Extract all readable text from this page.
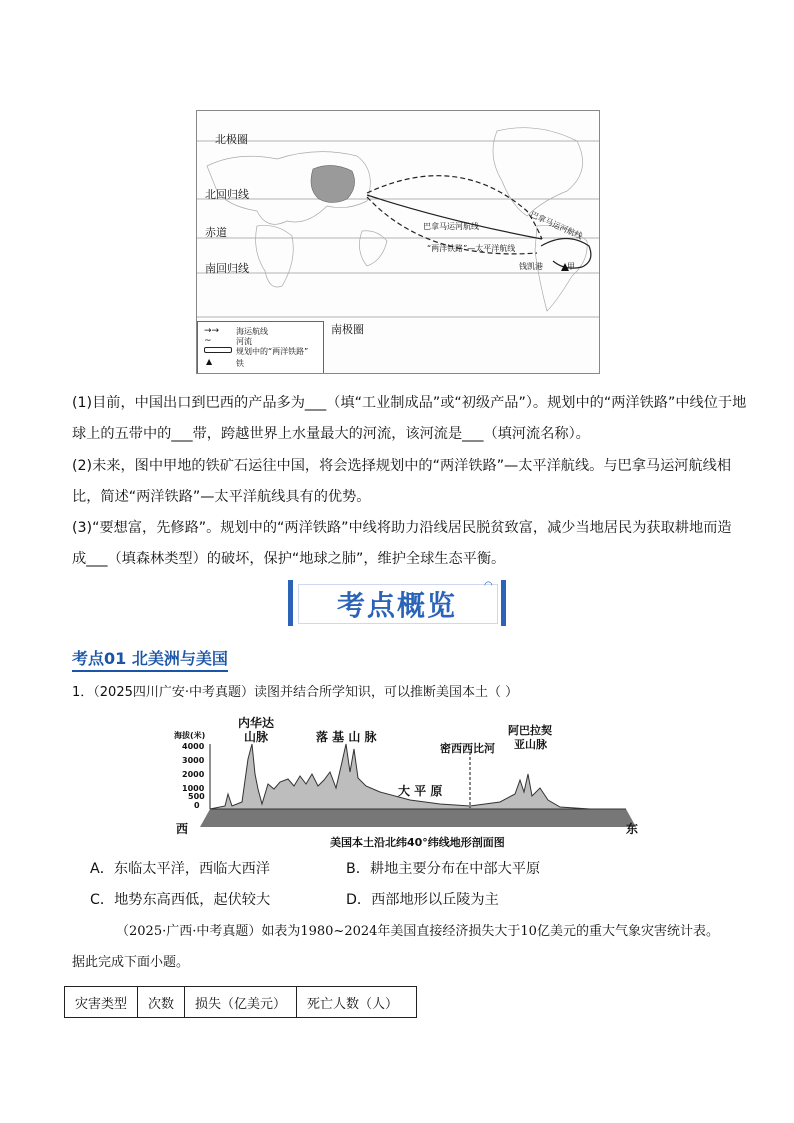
北极圈
北回归线
赤道
南回归线
南极圈
巴拿马运河航线	巴拿马运河航线
“两洋铁路”—太平洋航线
钱凯港	甲
→→ 海运航线
~	河流
规划中的“两洋铁路”
▲	铁
(1)目前，中国出口到巴西的产品多为___（填“工业制成品”或“初级产品”）。规划中的“两洋铁路”中线位于地
球上的五带中的___带，跨越世界上水量最大的河流，该河流是___（填河流名称）。
(2)未来，图中甲地的铁矿石运往中国，将会选择规划中的“两洋铁路”—太平洋航线。与巴拿马运河航线相
比，简述“两洋铁路”—太平洋航线具有的优势。
(3)“要想富，先修路”。规划中的“两洋铁路”中线将助力沿线居民脱贫致富，减少当地居民为获取耕地而造
成___（填森林类型）的破坏，保护“地球之肺”，维护全球生态平衡。
考点概览
◠
考点01 北美洲与美国
1．（2025四川广安·中考真题）读图并结合所学知识，可以推断美国本土（ ）
海拔(米)
4000
3000
2000
1000
500
0
内华达
山脉	落 基 山 脉
密西西比河
大 平 原
阿巴拉契
亚山脉
西	东
美国本土沿北纬40°纬线地形剖面图
A．东临太平洋，西临大西洋	B．耕地主要分布在中部大平原
C．地势东高西低，起伏较大	D．西部地形以丘陵为主
（2025·广西·中考真题）如表为1980~2024年美国直接经济损失大于10亿美元的重大气象灾害统计表。
据此完成下面小题。
灾害类型	次数	损失（亿美元）	死亡人数（人）
